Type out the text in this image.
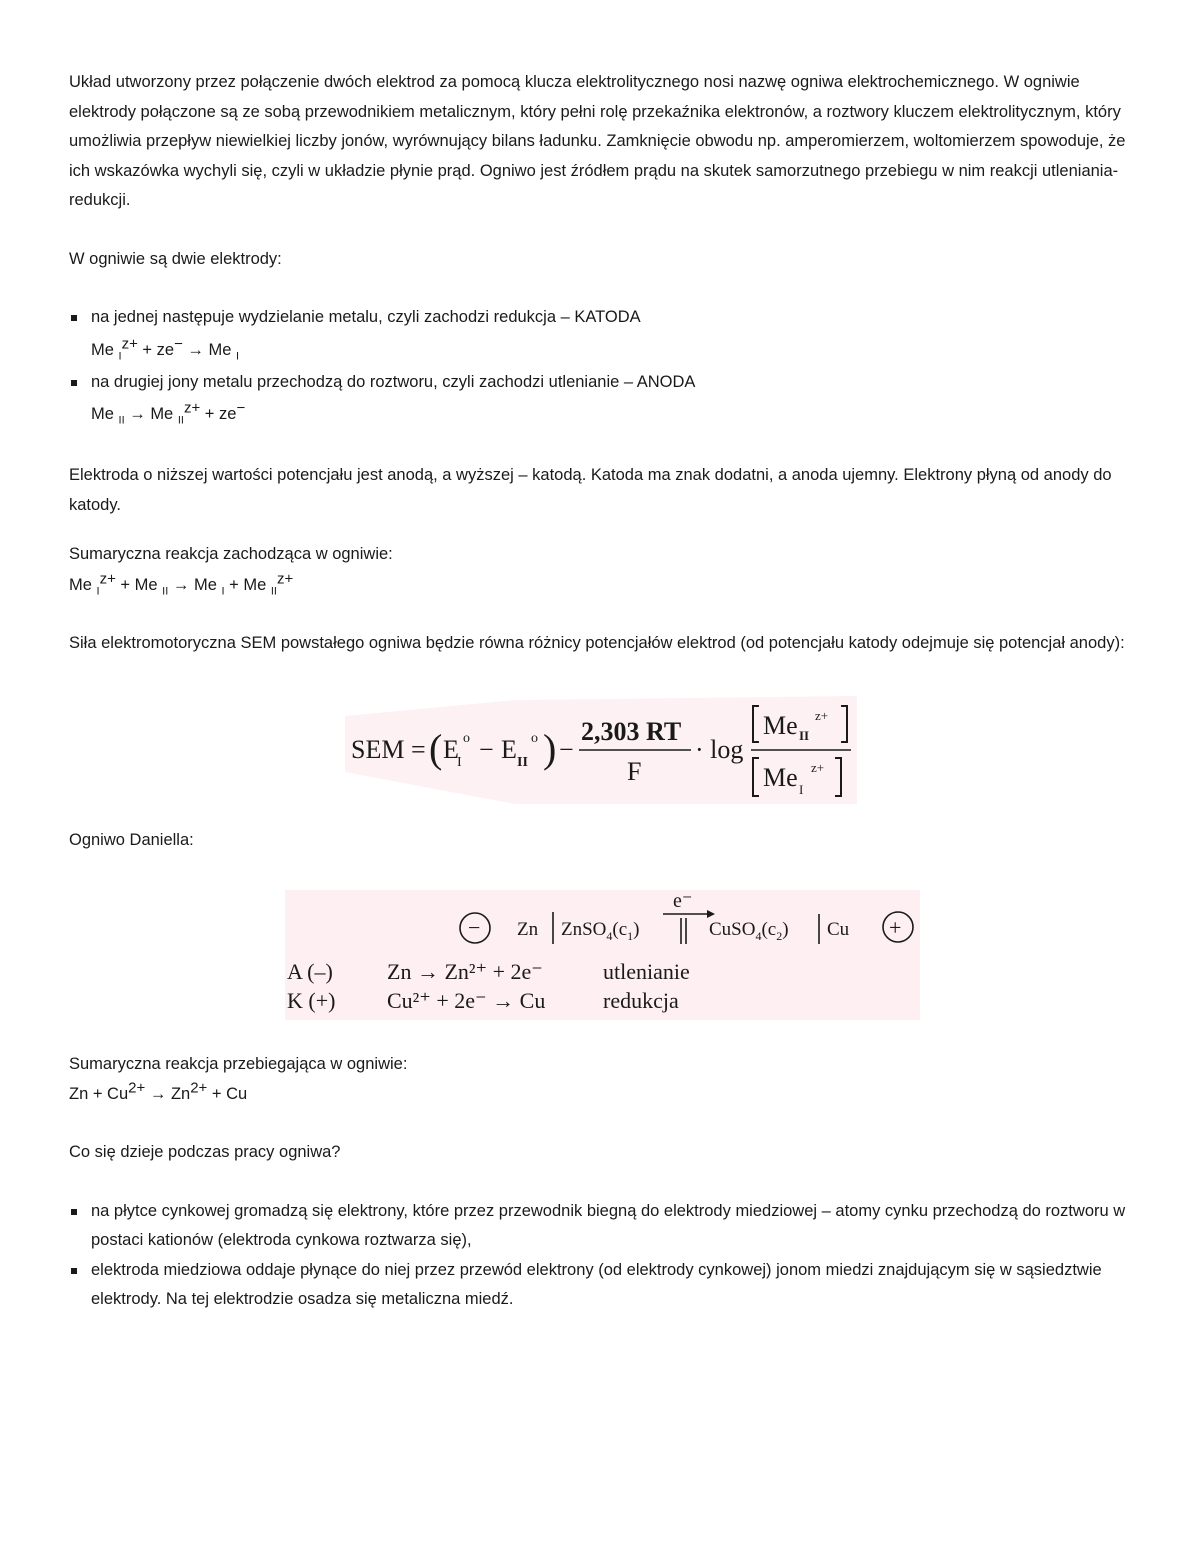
Układ utworzony przez połączenie dwóch elektrod za pomocą klucza elektrolitycznego nosi nazwę ogniwa elektrochemicznego. W ogniwie elektrody połączone są ze sobą przewodnikiem metalicznym, który pełni rolę przekaźnika elektronów, a roztwory kluczem elektrolitycznym, który umożliwia przepływ niewielkiej liczby jonów, wyrównujący bilans ładunku. Zamknięcie obwodu np. amperomierzem, woltomierzem spowoduje, że ich wskazówka wychyli się, czyli w układzie płynie prąd. Ogniwo jest źródłem prądu na skutek samorzutnego przebiegu w nim reakcji utleniania-redukcji.

W ogniwie są dwie elektrody:

na jednej następuje wydzielanie metalu, czyli zachodzi redukcja – KATODA
Me $_I^{z+}$ + ze− → Me $_I$
na drugiej jony metalu przechodzą do roztworu, czyli zachodzi utlenianie – ANODA
Me $_{II}$ → Me $_{II}^{z+}$ + ze−

Elektroda o niższej wartości potencjału jest anodą, a wyższej – katodą. Katoda ma znak dodatni, a anoda ujemny. Elektrony płyną od anody do katody.

Sumaryczna reakcja zachodząca w ogniwie:

Me $_I^{z+}$ + Me $_{II}$ → Me $_I$ + Me $_{II}^{z+}$

Siła elektromotoryczna SEM powstałego ogniwa będzie równa różnicy potencjałów elektrod (od potencjału katody odejmuje się potencjał anody):

SEM = ( E
I
o − E II
o ) −
2,303 RT
F
· log
Me II
z+
Me I
z+

Ogniwo Daniella:

e⁻
− Zn $ZnSO_4(c_1)$	$CuSO_4(c_2) Cu$ +
A (–) Zn → Zn²⁺ + 2e⁻	utlenianie
K (+) Cu²⁺ + 2e⁻ → Cu	redukcja

Sumaryczna reakcja przebiegająca w ogniwie:

$Zn + Cu^{2+} \to Zn^{2+} + Cu$

Co się dzieje podczas pracy ogniwa?

na płytce cynkowej gromadzą się elektrony, które przez przewodnik biegną do elektrody miedziowej – atomy cynku przechodzą do roztworu w postaci kationów (elektroda cynkowa roztwarza się),
elektroda miedziowa oddaje płynące do niej przez przewód elektrony (od elektrody cynkowej) jonom miedzi znajdującym się w sąsiedztwie elektrody. Na tej elektrodzie osadza się metaliczna miedź.
